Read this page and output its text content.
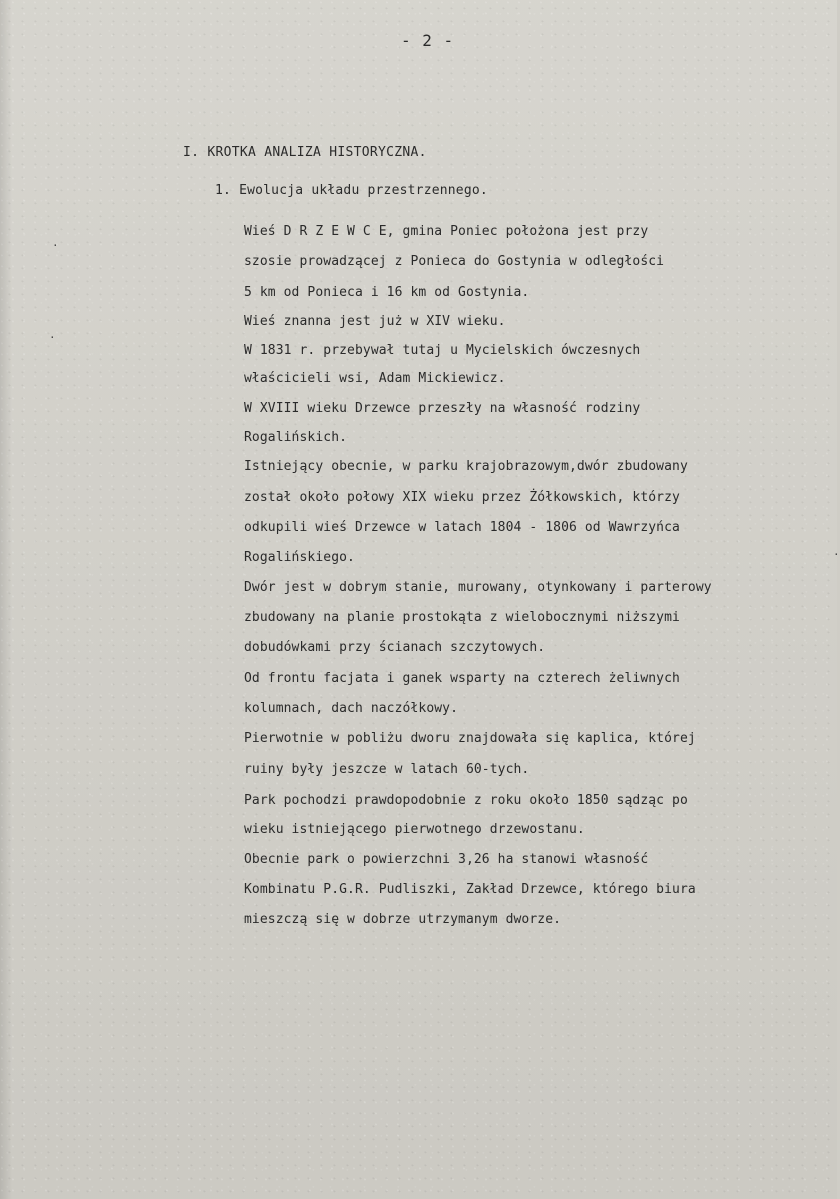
- 2 -
I. KROTKA ANALIZA HISTORYCZNA.
1. Ewolucja układu przestrzennego.
Wieś D R Z E W C E, gmina Poniec położona jest przy
szosie prowadzącej z Ponieca do Gostynia w odległości
5 km od Ponieca i 16 km od Gostynia.
Wieś znanna jest już w XIV wieku.
W 1831 r. przebywał tutaj u Mycielskich ówczesnych
właścicieli wsi, Adam Mickiewicz.
W XVIII wieku Drzewce przeszły na własność rodziny
Rogalińskich.
Istniejący obecnie, w parku krajobrazowym,dwór zbudowany
został około połowy XIX wieku przez Żółkowskich, którzy
odkupili wieś Drzewce w latach 1804 - 1806 od Wawrzyńca
Rogalińskiego.
Dwór jest w dobrym stanie, murowany, otynkowany i parterowy
zbudowany na planie prostokąta z wielobocznymi niższymi
dobudówkami przy ścianach szczytowych.
Od frontu facjata i ganek wsparty na czterech żeliwnych
kolumnach, dach naczółkowy.
Pierwotnie w pobliżu dworu znajdowała się kaplica, której
ruiny były jeszcze w latach 60-tych.
Park pochodzi prawdopodobnie z roku około 1850 sądząc po
wieku istniejącego pierwotnego drzewostanu.
Obecnie park o powierzchni 3,26 ha stanowi własność
Kombinatu P.G.R. Pudliszki, Zakład Drzewce, którego biura
mieszczą się w dobrze utrzymanym dworze.
·
·
·
